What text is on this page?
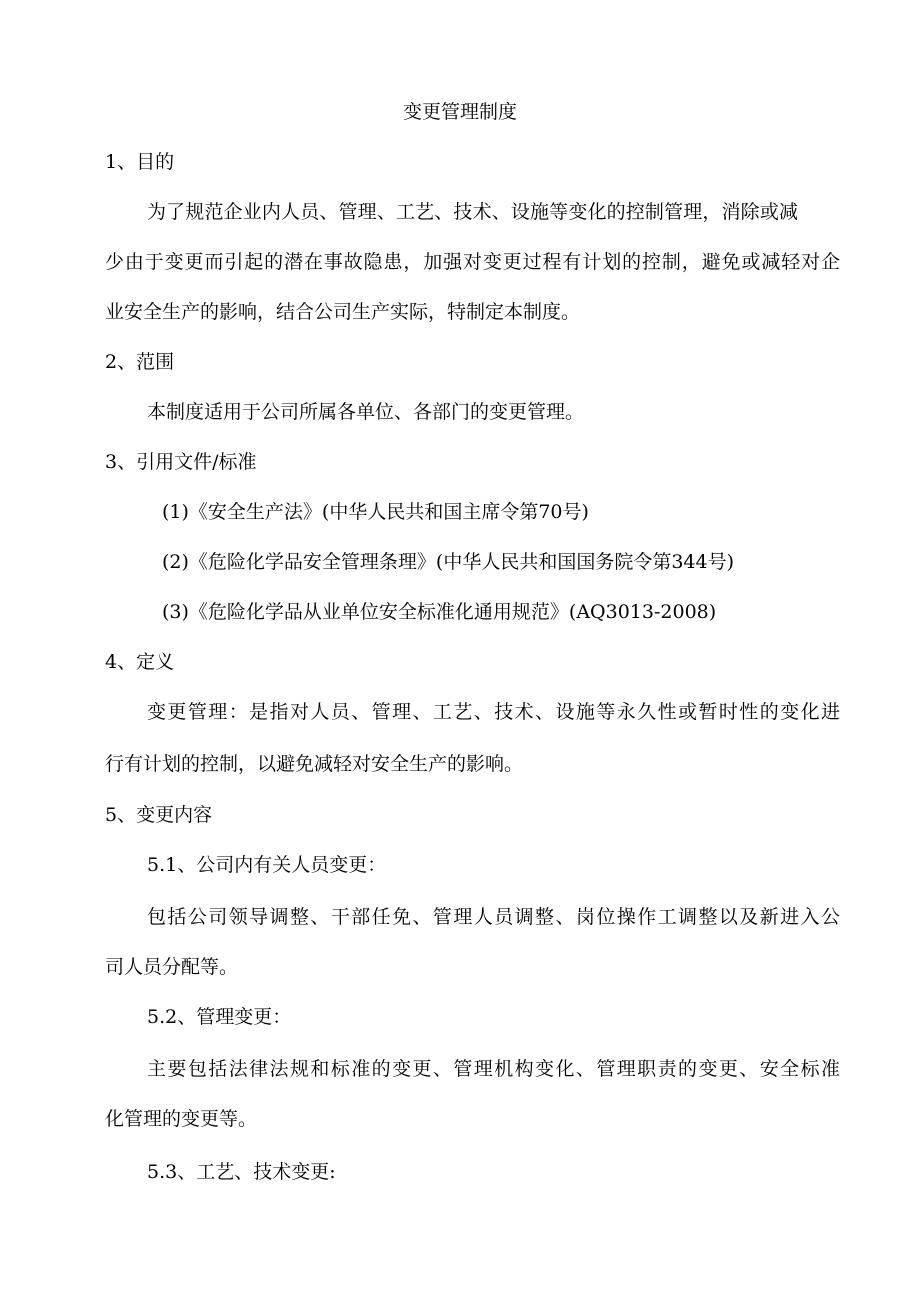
变更管理制度
1、目的
为了规范企业内人员、管理、工艺、技术、设施等变化的控制管理，消除或减
少由于变更而引起的潜在事故隐患，加强对变更过程有计划的控制，避免或减轻对企
业安全生产的影响，结合公司生产实际，特制定本制度。
2、范围
本制度适用于公司所属各单位、各部门的变更管理。
3、引用文件/标准
(1)《安全生产法》(中华人民共和国主席令第70号)
(2)《危险化学品安全管理条理》(中华人民共和国国务院令第344号)
(3)《危险化学品从业单位安全标准化通用规范》(AQ3013-2008)
4、定义
变更管理：是指对人员、管理、工艺、技术、设施等永久性或暂时性的变化进
行有计划的控制，以避免减轻对安全生产的影响。
5、变更内容
5.1、公司内有关人员变更：
包括公司领导调整、干部任免、管理人员调整、岗位操作工调整以及新进入公
司人员分配等。
5.2、管理变更：
主要包括法律法规和标准的变更、管理机构变化、管理职责的变更、安全标准
化管理的变更等。
5.3、工艺、技术变更:
